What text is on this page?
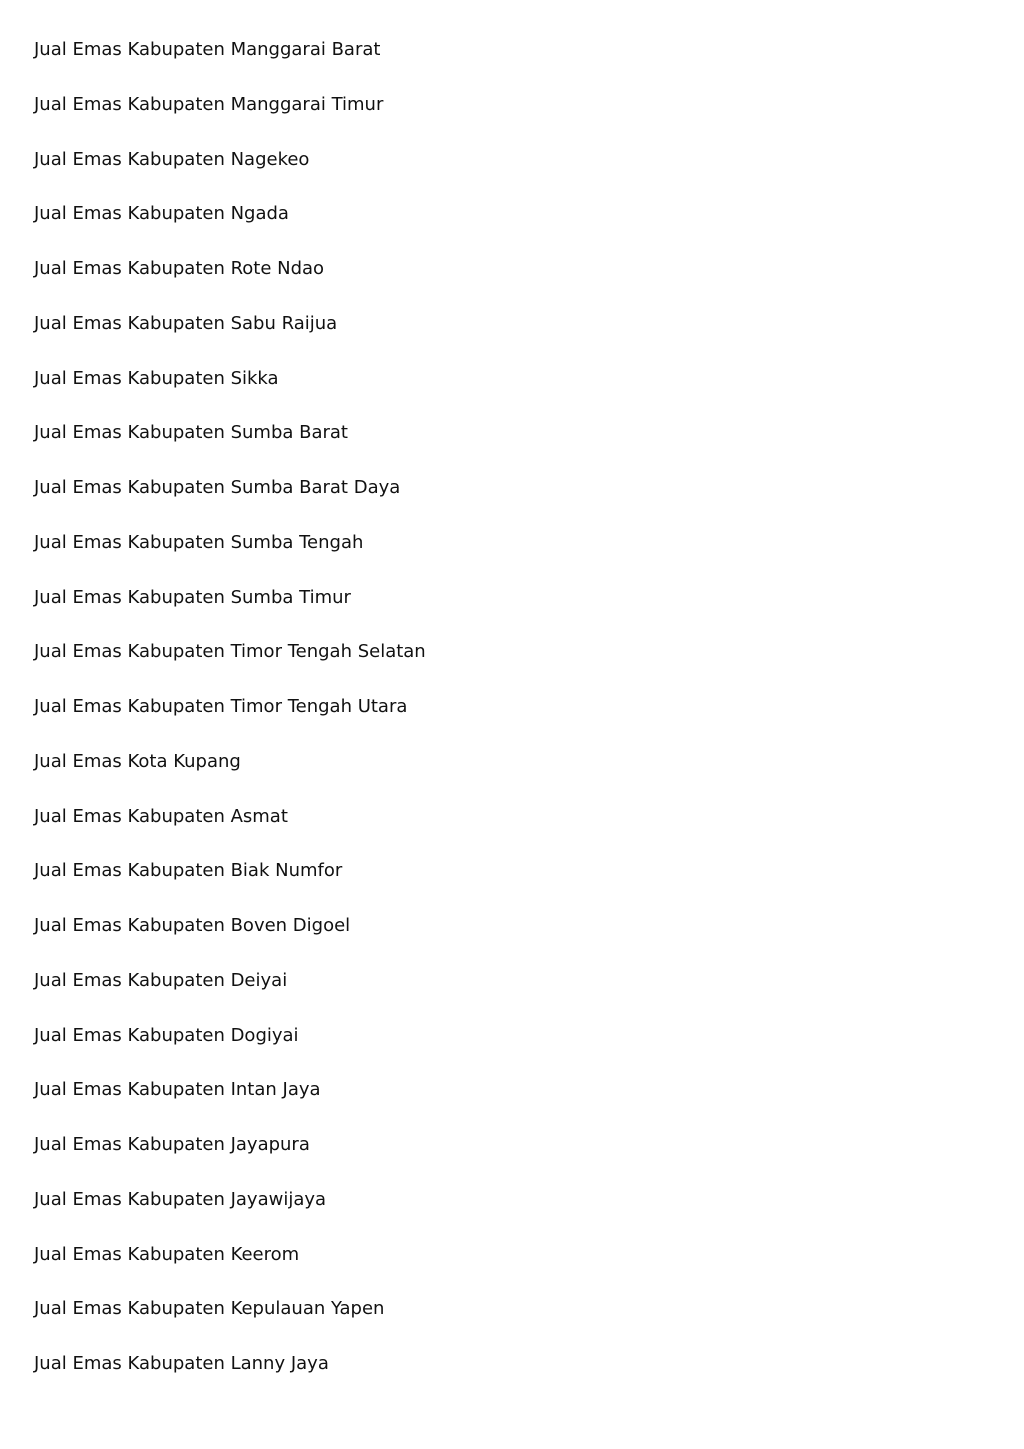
Jual Emas Kabupaten Manggarai Barat
Jual Emas Kabupaten Manggarai Timur
Jual Emas Kabupaten Nagekeo
Jual Emas Kabupaten Ngada
Jual Emas Kabupaten Rote Ndao
Jual Emas Kabupaten Sabu Raijua
Jual Emas Kabupaten Sikka
Jual Emas Kabupaten Sumba Barat
Jual Emas Kabupaten Sumba Barat Daya
Jual Emas Kabupaten Sumba Tengah
Jual Emas Kabupaten Sumba Timur
Jual Emas Kabupaten Timor Tengah Selatan
Jual Emas Kabupaten Timor Tengah Utara
Jual Emas Kota Kupang
Jual Emas Kabupaten Asmat
Jual Emas Kabupaten Biak Numfor
Jual Emas Kabupaten Boven Digoel
Jual Emas Kabupaten Deiyai
Jual Emas Kabupaten Dogiyai
Jual Emas Kabupaten Intan Jaya
Jual Emas Kabupaten Jayapura
Jual Emas Kabupaten Jayawijaya
Jual Emas Kabupaten Keerom
Jual Emas Kabupaten Kepulauan Yapen
Jual Emas Kabupaten Lanny Jaya
